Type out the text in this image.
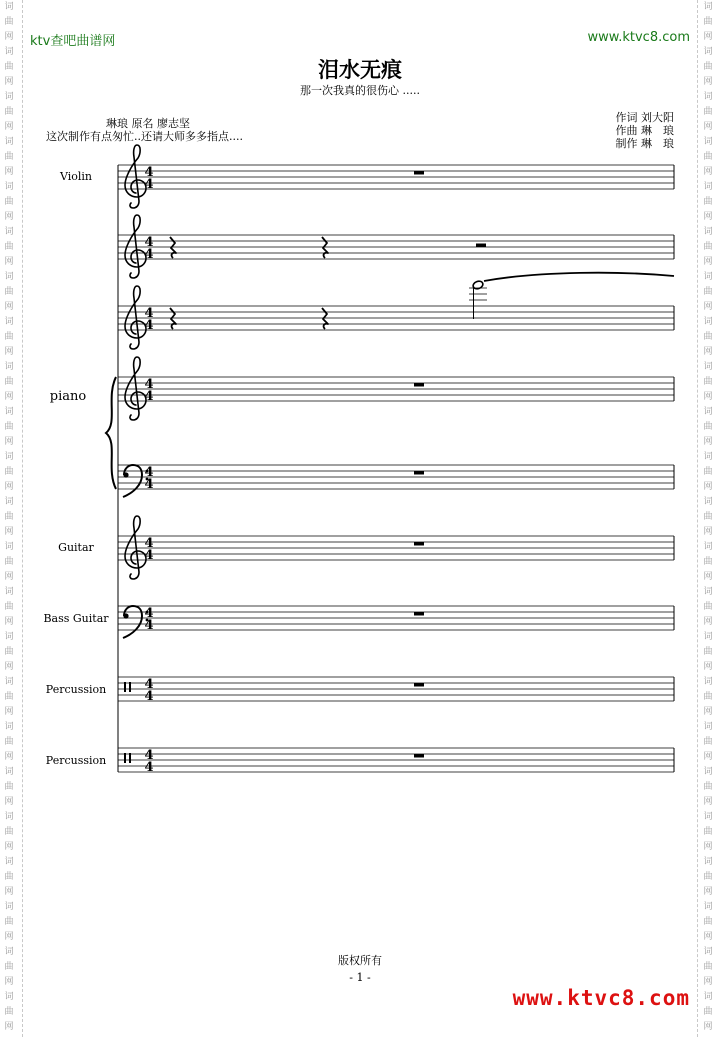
词
曲
网
词
曲
网
词
曲
网
词
曲
网
词
曲
网
词
曲
网
词
曲
网
词
曲
网
词
曲
网
词
曲
网
词
曲
网
词
曲
网
词
曲
网
词
曲
网
词
曲
网
词
曲
网
词
曲
网
词
曲
网
词
曲
网
词
曲
网
词
曲
网
词
曲
网
词
曲
网

词
曲
网
词
曲
网
词
曲
网
词
曲
网
词
曲
网
词
曲
网
词
曲
网
词
曲
网
词
曲
网
词
曲
网
词
曲
网
词
曲
网
词
曲
网
词
曲
网
词
曲
网
词
曲
网
词
曲
网
词
曲
网
词
曲
网
词
曲
网
词
曲
网
词
曲
网
词
曲
网

ktv查吧曲谱网	www.ktvc8.com
泪水无痕
那一次我真的很伤心 .....
琳琅 原名 廖志坚
这次制作有点匆忙..还请大师多多指点....
作词 刘大阳
作曲 琳　琅
制作 琳　琅
Violin
piano
Guitar
Bass Guitar
Percussion
Percussion
4
4
4
4
4
4
4
4
4
4
4
4
4
4
4
4
4
4
版权所有
- 1 -
www.ktvc8.com
